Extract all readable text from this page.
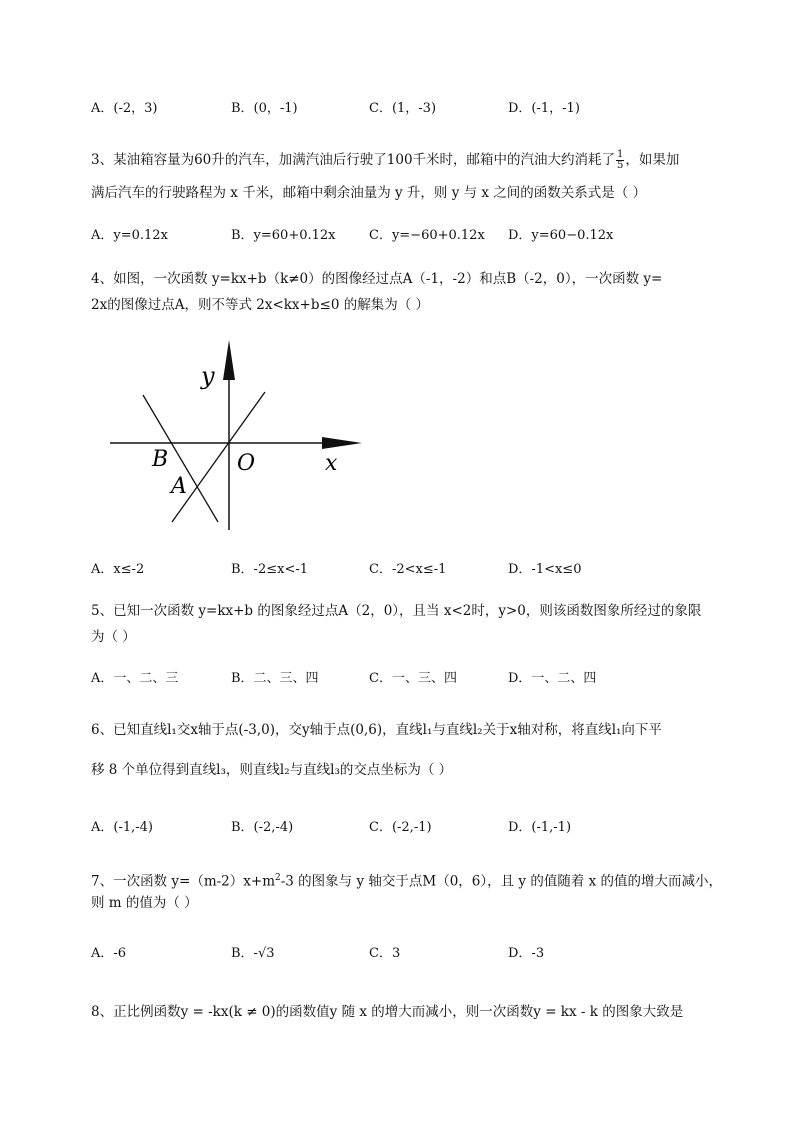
A．(-2，3)	B．(0，-1)	C．(1，-3)	D．(-1，-1)
3、某油箱容量为60升的汽车，加满汽油后行驶了100千米时，邮箱中的汽油大约消耗了 $\frac{1}{5}$ ，如果加
满后汽车的行驶路程为 x 千米，邮箱中剩余油量为 y 升，则 y 与 x 之间的函数关系式是（ ）
A．y=0.12x	B．y=60+0.12x	C．y=−60+0.12x D．y=60−0.12x
4、如图，一次函数 y=kx+b（k≠0）的图像经过点A（-1，-2）和点B（-2，0），一次函数 y=
2x的图像过点A，则不等式 2x<kx+b≤0 的解集为（ ）
y
x
O
B
A
A．x≤-2	B．-2≤x<-1	C．-2<x≤-1	D．-1<x≤0
5、已知一次函数 y=kx+b 的图象经过点A（2，0），且当 x<2时，y>0，则该函数图象所经过的象限
为（ ）
A．一、二、三	B．二、三、四	C．一、三、四	D．一、二、四
6、已知直线l₁交x轴于点(-3,0)，交y轴于点(0,6)，直线l₁与直线l₂关于x轴对称，将直线l₁向下平
移 8 个单位得到直线l₃，则直线l₂与直线l₃的交点坐标为（ ）
A．(-1,-4)	B．(-2,-4)	C．(-2,-1)	D．(-1,-1)
7、一次函数 $y=(m-2)x+m^2-3$ 的图象与 y 轴交于点M（0，6），且 y 的值随着 x 的值的增大而减小，
则 m 的值为（ ）
A．-6	B．-√3	C．3	D．-3
8、正比例函数y = -kx(k ≠ 0)的函数值y 随 x 的增大而减小，则一次函数y = kx - k 的图象大致是
